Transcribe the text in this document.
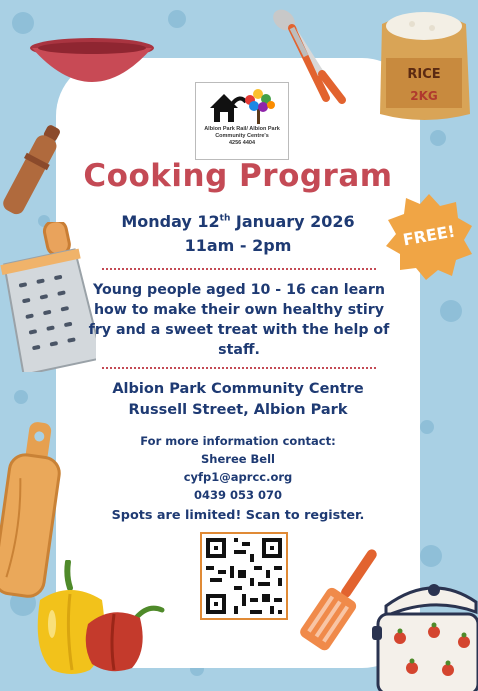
RICE
2KG
FREE!
Albion Park Rail/ Albion Park
Community Centre's
4256 4404
Cooking Program
Monday 12th January 2026
11am - 2pm
Young people aged 10 - 16 can learn how to make their own healthy stiry fry and a sweet treat with the help of staff.
Albion Park Community Centre
Russell Street, Albion Park
For more information contact:
Sheree Bell
cyfp1@aprcc.org
0439 053 070
Spots are limited! Scan to register.
